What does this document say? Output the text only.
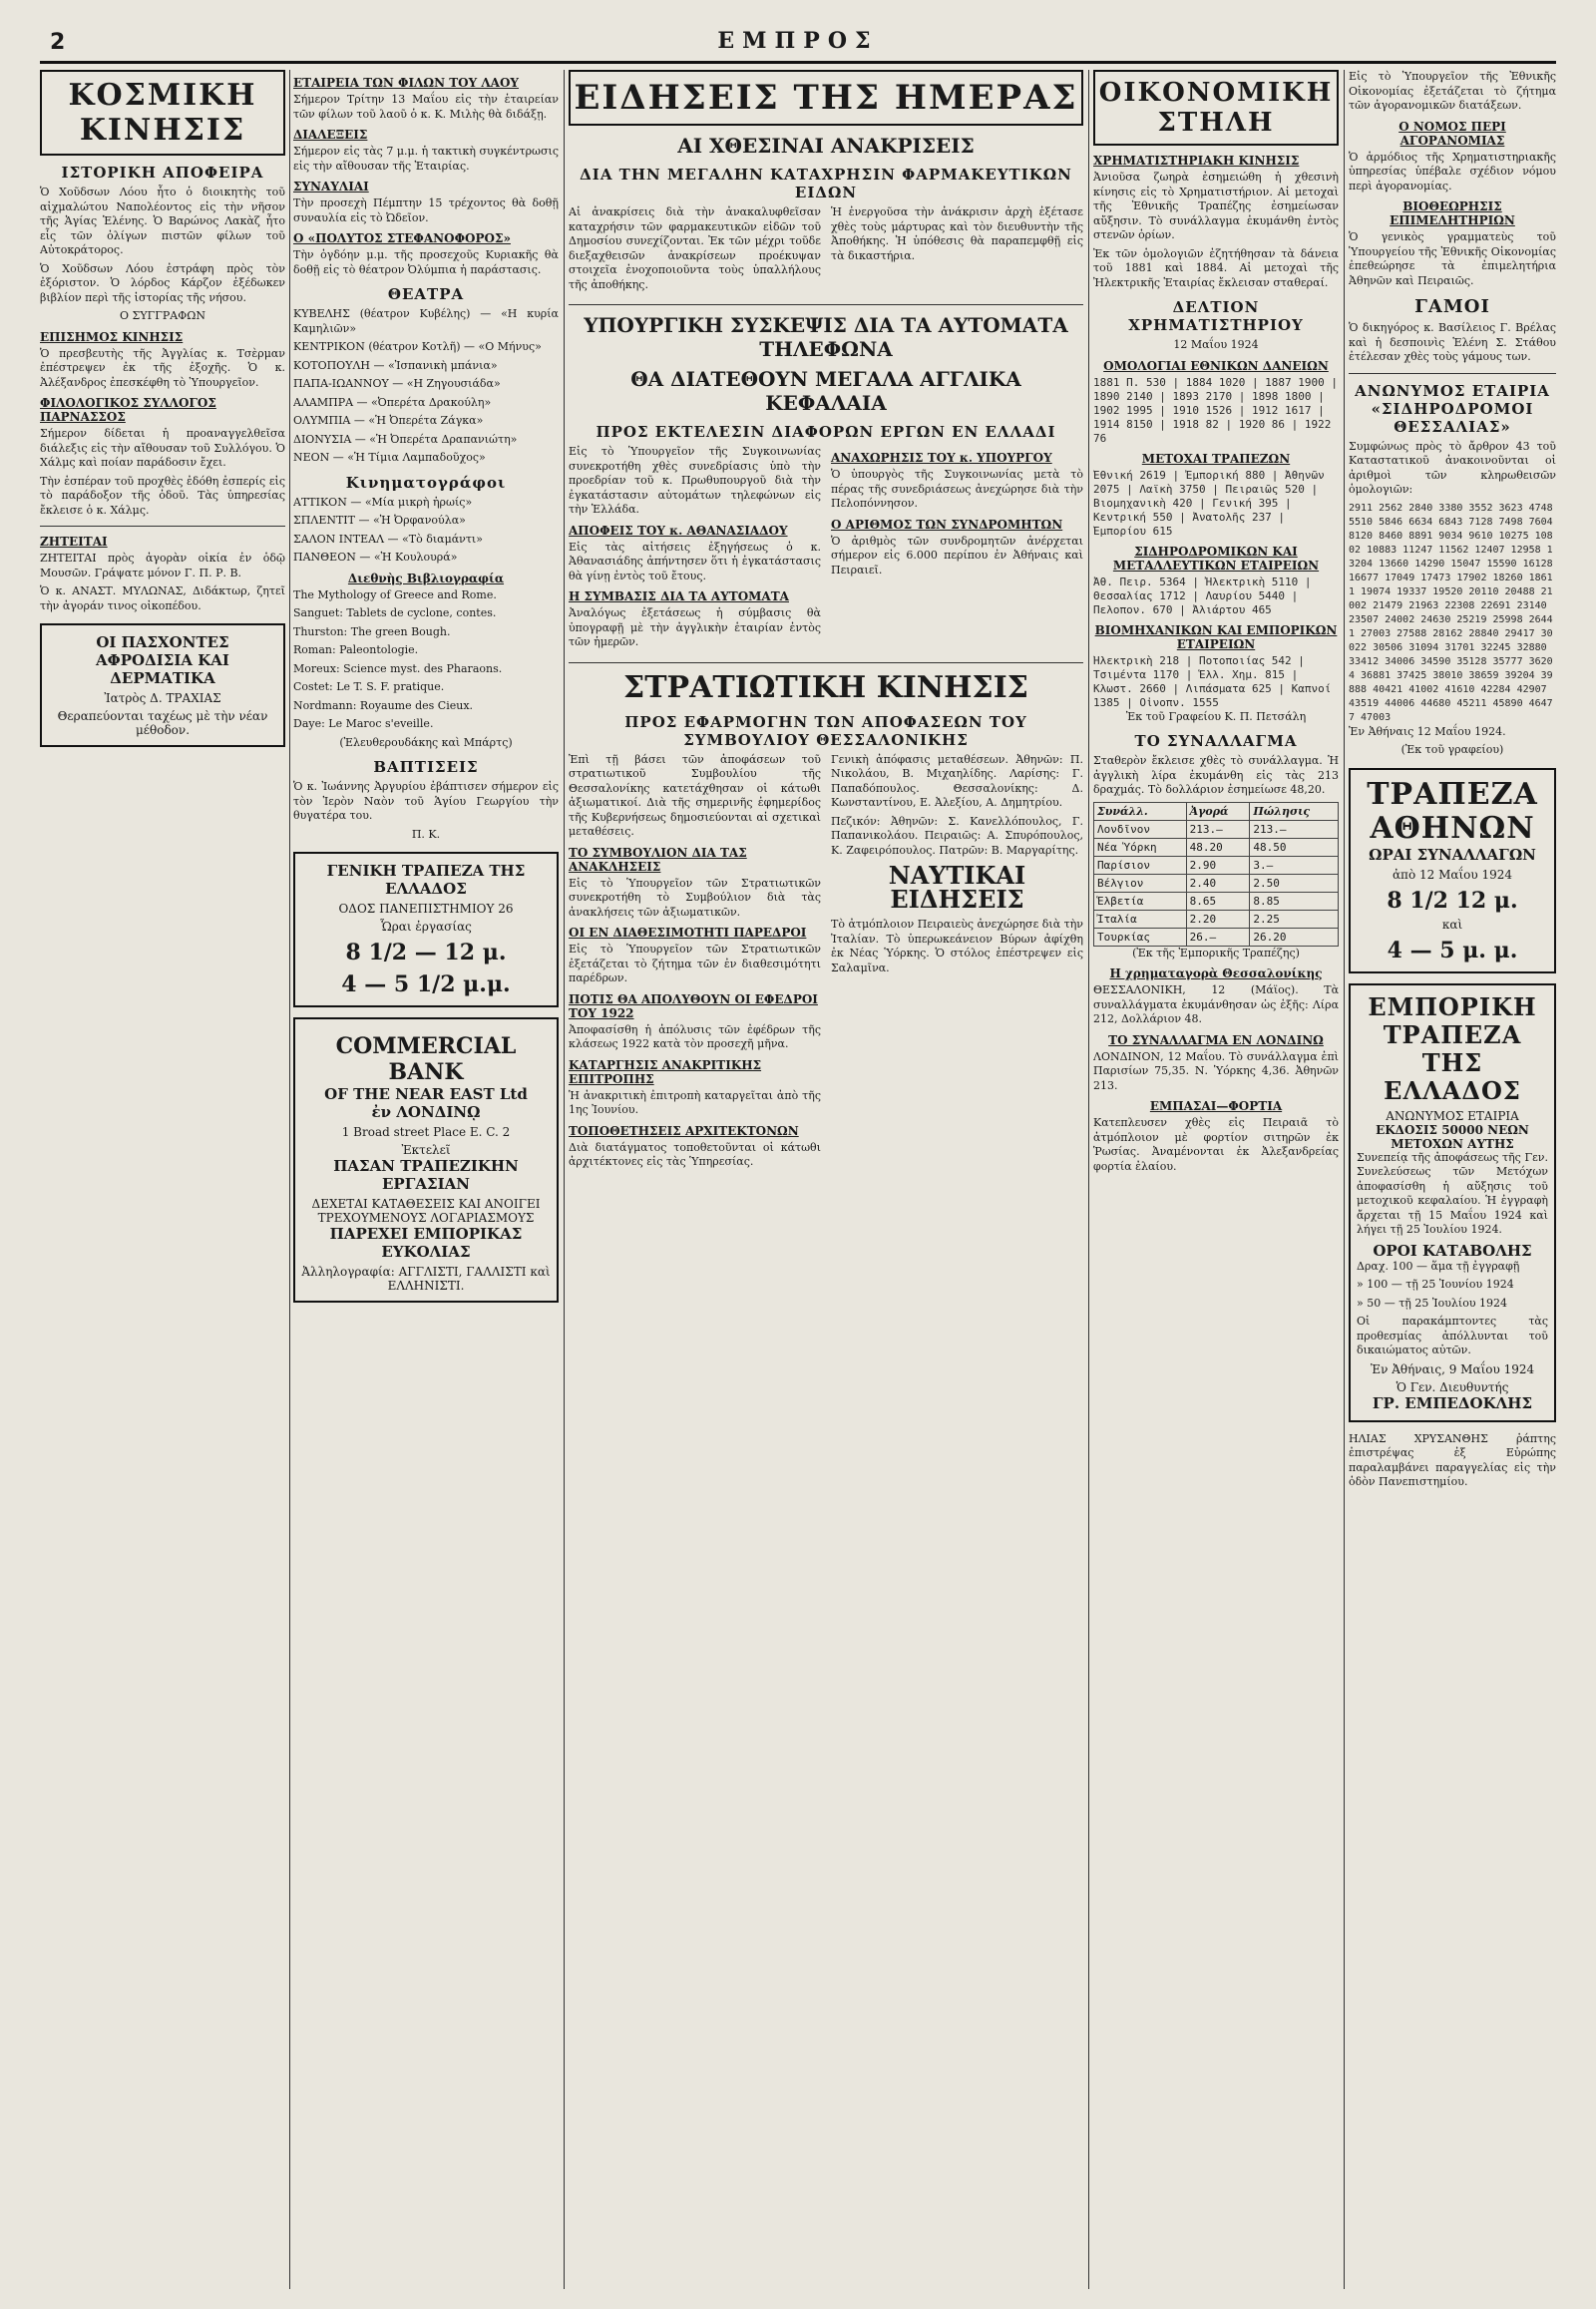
2	ΕΜΠΡΟΣ
ΚΟΣΜΙΚΗ ΚΙΝΗΣΙΣ
ΙΣΤΟΡΙΚΗ ΑΠΟΦΕΙΡΑ

Ὁ Χοῦδσων Λόου ἦτο ὁ διοικητὴς τοῦ αἰχμαλώτου Ναπολέοντος εἰς τὴν νῆσον τῆς Ἁγίας Ἑλένης. Ὁ Βαρώνος Λακὰζ ἦτο εἷς τῶν ὀλίγων πιστῶν φίλων τοῦ Αὐτοκράτορος.

Ὁ Χοῦδσων Λόου ἐστράφη πρὸς τὸν ἐξόριστον. Ὁ λόρδος Κάρζον ἐξέδωκεν βιβλίον περὶ τῆς ἱστορίας τῆς νήσου.

Ο ΣΥΓΓΡΑΦΩΝ

ΕΠΙΣΗΜΟΣ ΚΙΝΗΣΙΣ

Ὁ πρεσβευτὴς τῆς Ἀγγλίας κ. Τσὲρμαν ἐπέστρεψεν ἐκ τῆς ἐξοχῆς. Ὁ κ. Ἀλέξανδρος ἐπεσκέφθη τὸ Ὑπουργεῖον.

ΦΙΛΟΛΟΓΙΚΟΣ ΣΥΛΛΟΓΟΣ ΠΑΡΝΑΣΣΟΣ

Σήμερον δίδεται ἡ προαναγγελθεῖσα διάλεξις εἰς τὴν αἴθουσαν τοῦ Συλλόγου. Ὁ Χάλμς καὶ ποίαν παράδοσιν ἔχει.

Τὴν ἑσπέραν τοῦ προχθὲς ἐδόθη ἐσπερίς εἰς τὸ παράδοξον τῆς ὁδοῦ. Τὰς ὑπηρεσίας ἔκλεισε ὁ κ. Χάλμς.

ΖΗΤΕΙΤΑΙ

ΖΗΤΕΙΤΑΙ πρὸς ἀγορὰν οἰκία ἐν ὁδῷ Μουσῶν. Γράψατε μόνον Γ. Π. Ρ. Β.

Ὁ κ. ΑΝΑΣΤ. ΜΥΛΩΝΑΣ, Διδάκτωρ, ζητεῖ τὴν ἀγοράν τινος οἰκοπέδου.

ΟΙ ΠΑΣΧΟΝΤΕΣ
ΑΦΡΟΔΙΣΙΑ ΚΑΙ ΔΕΡΜΑΤΙΚΑ
Ἰατρὸς Δ. ΤΡΑΧΙΑΣ
Θεραπεύονται ταχέως μὲ τὴν νέαν μέθοδον.
ΕΤΑΙΡΕΙΑ ΤΩΝ ΦΙΛΩΝ ΤΟΥ ΛΑΟΥ

Σήμερον Τρίτην 13 Μαΐου εἰς τὴν ἑταιρείαν τῶν φίλων τοῦ λαοῦ ὁ κ. Κ. Μιλὴς θὰ διδάξῃ.

ΔΙΑΛΕΞΕΙΣ

Σήμερον εἰς τὰς 7 μ.μ. ἡ τακτικὴ συγκέντρωσις εἰς τὴν αἴθουσαν τῆς Ἑταιρίας.

ΣΥΝΑΥΛΙΑΙ

Τὴν προσεχὴ Πέμπτην 15 τρέχοντος θὰ δοθῇ συναυλία εἰς τὸ Ὠδεῖον.

Ο «ΠΟΛΥΤΟΣ ΣΤΕΦΑΝΟΦΟΡΟΣ»

Τὴν ὀγδόην μ.μ. τῆς προσεχοῦς Κυριακῆς θὰ δοθῇ εἰς τὸ θέατρον Ὀλύμπια ἡ παράστασις.

ΘΕΑΤΡΑ

ΚΥΒΕΛΗΣ (θέατρον Κυβέλης) — «Η κυρία Καμηλιῶν»

ΚΕΝΤΡΙΚΟΝ (θέατρον Κοτλῆ) — «Ο Μήνυς»

ΚΟΤΟΠΟΥΛΗ — «Ἰσπανικὴ μπάνια»

ΠΑΠΑ-ΙΩΑΝΝΟΥ — «Η Ζηγουσιάδα»

ΑΛΑΜΠΡΑ — «Ὀπερέτα Δρακούλη»

ΟΛΥΜΠΙΑ — «Ἡ Ὀπερέτα Ζάγκα»

ΔΙΟΝΥΣΙΑ — «Ἡ Ὀπερέτα Δραπανιώτη»

ΝΕΟΝ — «Ἡ Τίμια Λαμπαδοῦχος»

Κινηματογράφοι

ΑΤΤΙΚΟΝ — «Μία μικρὴ ἡρωίς»

ΣΠΛΕΝΤΙΤ — «Ἡ Ὀρφανούλα»

ΣΑΛΟΝ ΙΝΤΕΑΛ — «Τὸ διαμάντι»

ΠΑΝΘΕΟΝ — «Ἡ Κουλουρά»

Διεθνὴς Βιβλιογραφία

The Mythology of Greece and Rome.

Sanguet: Tablets de cyclone, contes.

Thurston: The green Bough.

Roman: Paleontologie.

Moreux: Science myst. des Pharaons.

Costet: Le T. S. F. pratique.

Nordmann: Royaume des Cieux.

Daye: Le Maroc s'eveille.

(Ἐλευθερουδάκης καὶ Μπάρτς)

ΒΑΠΤΙΣΕΙΣ

Ὁ κ. Ἰωάννης Ἀργυρίου ἐβάπτισεν σήμερον εἰς τὸν Ἱερὸν Ναὸν τοῦ Ἁγίου Γεωργίου τὴν θυγατέρα του.

Π. Κ.

ΓΕΝΙΚΗ ΤΡΑΠΕΖΑ ΤΗΣ ΕΛΛΑΔΟΣ
ΟΔΟΣ ΠΑΝΕΠΙΣΤΗΜΙΟΥ 26
Ὧραι ἐργασίας
8 1/2 — 12 μ.
4 — 5 1/2 μ.μ.
COMMERCIAL BANK
OF THE NEAR EAST Ltd
ἐν ΛΟΝΔΙΝῼ
1 Broad street Place E. C. 2
Ἐκτελεῖ
ΠΑΣΑΝ ΤΡΑΠΕΖΙΚΗΝ ΕΡΓΑΣΙΑΝ
ΔΕΧΕΤΑΙ ΚΑΤΑΘΕΣΕΙΣ ΚΑΙ ΑΝΟΙΓΕΙ ΤΡΕΧΟΥΜΕΝΟΥΣ ΛΟΓΑΡΙΑΣΜΟΥΣ
ΠΑΡΕΧΕΙ ΕΜΠΟΡΙΚΑΣ ΕΥΚΟΛΙΑΣ
Ἀλληλογραφία: ΑΓΓΛΙΣΤΙ, ΓΑΛΛΙΣΤΙ καὶ ΕΛΛΗΝΙΣΤΙ.
ΕΙΔΗΣΕΙΣ ΤΗΣ ΗΜΕΡΑΣ
ΑΙ ΧΘΕΣΙΝΑΙ ΑΝΑΚΡΙΣΕΙΣ
ΔΙΑ ΤΗΝ ΜΕΓΑΛΗΝ ΚΑΤΑΧΡΗΣΙΝ ΦΑΡΜΑΚΕΥΤΙΚΩΝ ΕΙΔΩΝ

Αἱ ἀνακρίσεις διὰ τὴν ἀνακαλυφθεῖσαν καταχρήσιν τῶν φαρμακευτικῶν εἰδῶν τοῦ Δημοσίου συνεχίζονται. Ἐκ τῶν μέχρι τοῦδε διεξαχθεισῶν ἀνακρίσεων προέκυψαν στοιχεῖα ἐνοχοποιοῦντα τοὺς ὑπαλλήλους τῆς ἀποθήκης.

Ἡ ἐνεργοῦσα τὴν ἀνάκρισιν ἀρχὴ ἐξέτασε χθὲς τοὺς μάρτυρας καὶ τὸν διευθυντὴν τῆς Ἀποθήκης. Ἡ ὑπόθεσις θὰ παραπεμφθῇ εἰς τὰ δικαστήρια.

ΥΠΟΥΡΓΙΚΗ ΣΥΣΚΕΨΙΣ ΔΙΑ ΤΑ ΑΥΤΟΜΑΤΑ ΤΗΛΕΦΩΝΑ
ΘΑ ΔΙΑΤΕΘΟΥΝ ΜΕΓΑΛΑ ΑΓΓΛΙΚΑ ΚΕΦΑΛΑΙΑ
ΠΡΟΣ ΕΚΤΕΛΕΣΙΝ ΔΙΑΦΟΡΩΝ ΕΡΓΩΝ ΕΝ ΕΛΛΑΔΙ

Εἰς τὸ Ὑπουργεῖον τῆς Συγκοινωνίας συνεκροτήθη χθὲς συνεδρίασις ὑπὸ τὴν προεδρίαν τοῦ κ. Πρωθυπουργοῦ διὰ τὴν ἐγκατάστασιν αὐτομάτων τηλεφώνων εἰς τὴν Ἑλλάδα.

ΑΠΟΦΕΙΣ ΤΟΥ κ. ΑΘΑΝΑΣΙΑΔΟΥ

Εἰς τὰς αἰτήσεις ἐξηγήσεως ὁ κ. Ἀθανασιάδης ἀπήντησεν ὅτι ἡ ἐγκατάστασις θὰ γίνῃ ἐντὸς τοῦ ἔτους.

Η ΣΥΜΒΑΣΙΣ ΔΙΑ ΤΑ ΑΥΤΟΜΑΤΑ

Ἀναλόγως ἐξετάσεως ἡ σύμβασις θὰ ὑπογραφῇ μὲ τὴν ἀγγλικὴν ἑταιρίαν ἐντὸς τῶν ἡμερῶν.

ΑΝΑΧΩΡΗΣΙΣ ΤΟΥ κ. ΥΠΟΥΡΓΟΥ

Ὁ ὑπουργὸς τῆς Συγκοινωνίας μετὰ τὸ πέρας τῆς συνεδριάσεως ἀνεχώρησε διὰ τὴν Πελοπόννησον.

Ο ΑΡΙΘΜΟΣ ΤΩΝ ΣΥΝΔΡΟΜΗΤΩΝ

Ὁ ἀριθμὸς τῶν συνδρομητῶν ἀνέρχεται σήμερον εἰς 6.000 περίπου ἐν Ἀθήναις καὶ Πειραιεῖ.

ΣΤΡΑΤΙΩΤΙΚΗ ΚΙΝΗΣΙΣ
ΠΡΟΣ ΕΦΑΡΜΟΓΗΝ ΤΩΝ ΑΠΟΦΑΣΕΩΝ ΤΟΥ ΣΥΜΒΟΥΛΙΟΥ ΘΕΣΣΑΛΟΝΙΚΗΣ

Ἐπὶ τῇ βάσει τῶν ἀποφάσεων τοῦ στρατιωτικοῦ Συμβουλίου τῆς Θεσσαλονίκης κατετάχθησαν οἱ κάτωθι ἀξιωματικοί. Διὰ τῆς σημερινῆς ἐφημερίδος τῆς Κυβερνήσεως δημοσιεύονται αἱ σχετικαὶ μεταθέσεις.

ΤΟ ΣΥΜΒΟΥΛΙΟΝ ΔΙΑ ΤΑΣ ΑΝΑΚΛΗΣΕΙΣ

Εἰς τὸ Ὑπουργεῖον τῶν Στρατιωτικῶν συνεκροτήθη τὸ Συμβούλιον διὰ τὰς ἀνακλήσεις τῶν ἀξιωματικῶν.

ΟΙ ΕΝ ΔΙΑΘΕΣΙΜΟΤΗΤΙ ΠΑΡΕΔΡΟΙ

Εἰς τὸ Ὑπουργεῖον τῶν Στρατιωτικῶν ἐξετάζεται τὸ ζήτημα τῶν ἐν διαθεσιμότητι παρέδρων.

ΠΟΤΙΣ ΘΑ ΑΠΟΛΥΘΟΥΝ ΟΙ ΕΦΕΔΡΟΙ ΤΟΥ 1922

Ἀποφασίσθη ἡ ἀπόλυσις τῶν ἐφέδρων τῆς κλάσεως 1922 κατὰ τὸν προσεχῆ μῆνα.

ΚΑΤΑΡΓΗΣΙΣ ΑΝΑΚΡΙΤΙΚΗΣ ΕΠΙΤΡΟΠΗΣ

Ἡ ἀνακριτικὴ ἐπιτροπὴ καταργεῖται ἀπὸ τῆς 1ης Ἰουνίου.

ΤΟΠΟΘΕΤΗΣΕΙΣ ΑΡΧΙΤΕΚΤΟΝΩΝ

Διὰ διατάγματος τοποθετοῦνται οἱ κάτωθι ἀρχιτέκτονες εἰς τὰς Ὑπηρεσίας.

Γενικὴ ἀπόφασις μεταθέσεων. Ἀθηνῶν: Π. Νικολάου, Β. Μιχαηλίδης. Λαρίσης: Γ. Παπαδόπουλος. Θεσσαλονίκης: Δ. Κωνσταντίνου, Ε. Ἀλεξίου, Α. Δημητρίου.

Πεζικόν: Ἀθηνῶν: Σ. Κανελλόπουλος, Γ. Παπανικολάου. Πειραιῶς: Α. Σπυρόπουλος, Κ. Ζαφειρόπουλος. Πατρῶν: Β. Μαργαρίτης.

ΝΑΥΤΙΚΑΙ ΕΙΔΗΣΕΙΣ

Τὸ ἀτμόπλοιον Πειραιεὺς ἀνεχώρησε διὰ τὴν Ἰταλίαν. Τὸ ὑπερωκεάνειον Βύρων ἀφίχθη ἐκ Νέας Ὑόρκης. Ὁ στόλος ἐπέστρεψεν εἰς Σαλαμῖνα.

ΟΙΚΟΝΟΜΙΚΗ ΣΤΗΛΗ
ΧΡΗΜΑΤΙΣΤΗΡΙΑΚΗ ΚΙΝΗΣΙΣ

Ἀνιοῦσα ζωηρὰ ἐσημειώθη ἡ χθεσινὴ κίνησις εἰς τὸ Χρηματιστήριον. Αἱ μετοχαὶ τῆς Ἐθνικῆς Τραπέζης ἐσημείωσαν αὔξησιν. Τὸ συνάλλαγμα ἐκυμάνθη ἐντὸς στενῶν ὁρίων.

Ἐκ τῶν ὁμολογιῶν ἐζητήθησαν τὰ δάνεια τοῦ 1881 καὶ 1884. Αἱ μετοχαὶ τῆς Ἠλεκτρικῆς Ἑταιρίας ἔκλεισαν σταθεραί.

ΔΕΛΤΙΟΝ ΧΡΗΜΑΤΙΣΤΗΡΙΟΥ

12 Μαΐου 1924

ΟΜΟΛΟΓΙΑΙ ΕΘΝΙΚΩΝ ΔΑΝΕΙΩΝ
1881 Π. 530 | 1884 1020 | 1887 1900 | 1890 2140 | 1893 2170 | 1898 1800 | 1902 1995 | 1910 1526 | 1912 1617 | 1914 8150 | 1918 82 | 1920 86 | 1922 76
ΜΕΤΟΧΑΙ ΤΡΑΠΕΖΩΝ
Ἐθνική 2619 | Ἐμπορική 880 | Ἀθηνῶν 2075 | Λαϊκὴ 3750 | Πειραιῶς 520 | Βιομηχανικὴ 420 | Γενική 395 | Κεντρική 550 | Ἀνατολῆς 237 | Ἐμπορίου 615
ΣΙΔΗΡΟΔΡΟΜΙΚΩΝ ΚΑΙ ΜΕΤΑΛΛΕΥΤΙΚΩΝ ΕΤΑΙΡΕΙΩΝ
Ἀθ. Πειρ. 5364 | Ἠλεκτρικὴ 5110 | Θεσσαλίας 1712 | Λαυρίου 5440 | Πελοπον. 670 | Ἀλιάρτου 465
ΒΙΟΜΗΧΑΝΙΚΩΝ ΚΑΙ ΕΜΠΟΡΙΚΩΝ ΕΤΑΙΡΕΙΩΝ
Ἠλεκτρικὴ 218 | Ποτοποιίας 542 | Τσιμέντα 1170 | Ἑλλ. Χημ. 815 | Κλωστ. 2660 | Λιπάσματα 625 | Καπνοί 1385 | Οἰνοπν. 1555

Ἐκ τοῦ Γραφείου Κ. Π. Πετσάλη

ΤΟ ΣΥΝΑΛΛΑΓΜΑ

Σταθερὸν ἔκλεισε χθὲς τὸ συνάλλαγμα. Ἡ ἀγγλικὴ λίρα ἐκυμάνθη εἰς τὰς 213 δραχμάς. Τὸ δολλάριον ἐσημείωσε 48,20.

Συνάλλ.	Ἀγορά	Πώλησις
Λονδῖνον	213.—	213.—
Νέα Ὑόρκη	48.20	48.50
Παρίσιον	2.90	3.—
Βέλγιον	2.40	2.50
Ἑλβετία	8.65	8.85
Ἰταλία	2.20	2.25
Τουρκίας	26.—	26.20

(Ἐκ τῆς Ἐμπορικῆς Τραπέζης)

Η χρηματαγορὰ Θεσσαλονίκης

ΘΕΣΣΑΛΟΝΙΚΗ, 12 (Μάϊος). Τὰ συναλλάγματα ἐκυμάνθησαν ὡς ἑξῆς: Λίρα 212, Δολλάριον 48.

ΤΟ ΣΥΝΑΛΛΑΓΜΑ ΕΝ ΛΟΝΔΙΝΩ

ΛΟΝΔΙΝΟΝ, 12 Μαΐου. Τὸ συνάλλαγμα ἐπὶ Παρισίων 75,35. Ν. Ὑόρκης 4,36. Ἀθηνῶν 213.

ΕΜΠΑΣΑΙ—ΦΟΡΤΙΑ

Κατεπλευσεν χθὲς εἰς Πειραιᾶ τὸ ἀτμόπλοιον μὲ φορτίον σιτηρῶν ἐκ Ῥωσίας. Ἀναμένονται ἐκ Ἀλεξανδρείας φορτία ἐλαίου.

Εἰς τὸ Ὑπουργεῖον τῆς Ἐθνικῆς Οἰκονομίας ἐξετάζεται τὸ ζήτημα τῶν ἀγορανομικῶν διατάξεων.

Ο ΝΟΜΟΣ ΠΕΡΙ ΑΓΟΡΑΝΟΜΙΑΣ

Ὁ ἁρμόδιος τῆς Χρηματιστηριακῆς ὑπηρεσίας ὑπέβαλε σχέδιον νόμου περὶ ἀγορανομίας.

ΒΙΟΘΕΩΡΗΣΙΣ ΕΠΙΜΕΛΗΤΗΡΙΩΝ

Ὁ γενικὸς γραμματεὺς τοῦ Ὑπουργείου τῆς Ἐθνικῆς Οἰκονομίας ἐπεθεώρησε τὰ ἐπιμελητήρια Ἀθηνῶν καὶ Πειραιῶς.

ΓΑΜΟΙ

Ὁ δικηγόρος κ. Βασίλειος Γ. Βρέλας καὶ ἡ δεσποινὶς Ἑλένη Σ. Στάθου ἐτέλεσαν χθὲς τοὺς γάμους των.

ΑΝΩΝΥΜΟΣ ΕΤΑΙΡΙΑ «ΣΙΔΗΡΟΔΡΟΜΟΙ ΘΕΣΣΑΛΙΑΣ»

Συμφώνως πρὸς τὸ ἄρθρον 43 τοῦ Καταστατικοῦ ἀνακοινοῦνται οἱ ἀριθμοὶ τῶν κληρωθεισῶν ὁμολογιῶν:

2911 2562 2840 3380 3552 3623 4748 5510 5846 6634 6843 7128 7498 7604 8120 8460 8891 9034 9610 10275 10802 10883 11247 11562 12407 12958 13204 13660 14290 15047 15590 16128 16677 17049 17473 17902 18260 18611 19074 19337 19520 20110 20488 21002 21479 21963 22308 22691 23140 23507 24002 24630 25219 25998 26441 27003 27588 28162 28840 29417 30022 30506 31094 31701 32245 32880 33412 34006 34590 35128 35777 36204 36881 37425 38010 38659 39204 39888 40421 41002 41610 42284 42907 43519 44006 44680 45211 45890 46477 47003

Ἐν Ἀθήναις 12 Μαΐου 1924.

(Ἐκ τοῦ γραφείου)

ΤΡΑΠΕΖΑ ΑΘΗΝΩΝ
ΩΡΑΙ ΣΥΝΑΛΛΑΓΩΝ
ἀπὸ 12 Μαΐου 1924
8 1/2 12 μ.
καὶ
4 — 5 μ. μ.
ΕΜΠΟΡΙΚΗ ΤΡΑΠΕΖΑ ΤΗΣ ΕΛΛΑΔΟΣ
ΑΝΩΝΥΜΟΣ ΕΤΑΙΡΙΑ
ΕΚΔΟΣΙΣ 50000 ΝΕΩΝ ΜΕΤΟΧΩΝ ΑΥΤΗΣ

Συνεπείᾳ τῆς ἀποφάσεως τῆς Γεν. Συνελεύσεως τῶν Μετόχων ἀποφασίσθη ἡ αὔξησις τοῦ μετοχικοῦ κεφαλαίου. Ἡ ἐγγραφὴ ἄρχεται τῇ 15 Μαΐου 1924 καὶ λήγει τῇ 25 Ἰουλίου 1924.

ΟΡΟΙ ΚΑΤΑΒΟΛΗΣ

Δραχ. 100 — ἅμα τῇ ἐγγραφῇ

» 100 — τῇ 25 Ἰουνίου 1924

» 50 — τῇ 25 Ἰουλίου 1924

Οἱ παρακάμπτοντες τὰς προθεσμίας ἀπόλλυνται τοῦ δικαιώματος αὐτῶν.

Ἐν Ἀθήναις, 9 Μαΐου 1924
Ὁ Γεν. Διευθυντής
ΓΡ. ΕΜΠΕΔΟΚΛΗΣ

ΗΛΙΑΣ ΧΡΥΣΑΝΘΗΣ ῥάπτης ἐπιστρέψας ἐξ Εὐρώπης παραλαμβάνει παραγγελίας εἰς τὴν ὁδὸν Πανεπιστημίου.
